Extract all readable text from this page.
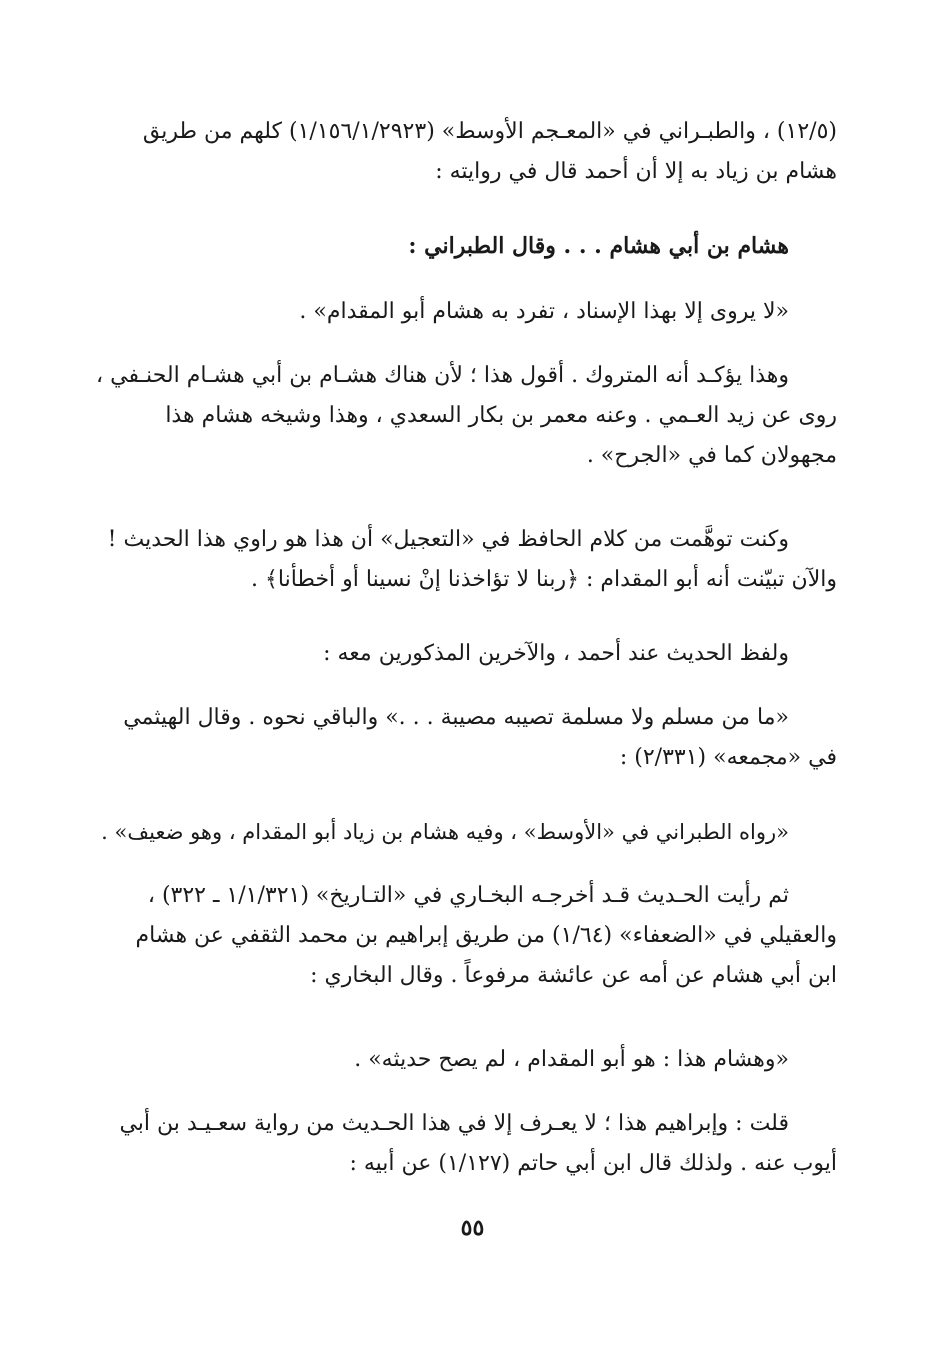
(١٢/٥) ، والطبـراني في «المعـجم الأوسط» (١/١٥٦/١/٢٩٢٣) كلهم من طريق
هشام بن زياد به إلا أن أحمد قال في روايته :
هشام بن أبي هشام . . . وقال الطبراني :
«لا يروى إلا بهذا الإسناد ، تفرد به هشام أبو المقدام» .
وهذا يؤكـد أنه المتروك . أقول هذا ؛ لأن هناك هشـام بن أبي هشـام الحنـفي ،
روى عن زيد العـمي . وعنه معمر بن بكار السعدي ، وهذا وشيخه هشام هذا
مجهولان كما في «الجرح» .
وكنت توهَّمت من كلام الحافظ في «التعجيل» أن هذا هو راوي هذا الحديث !
والآن تبيّنت أنه أبو المقدام : ﴿ربنا لا تؤاخذنا إنْ نسينا أو أخطأنا﴾ .
ولفظ الحديث عند أحمد ، والآخرين المذكورين معه :
«ما من مسلم ولا مسلمة تصيبه مصيبة . . .» والباقي نحوه . وقال الهيثمي
في «مجمعه» (٢/٣٣١) :
«رواه الطبراني في «الأوسط» ، وفيه هشام بن زياد أبو المقدام ، وهو ضعيف» .
ثم رأيت الحـديث قـد أخرجـه البخـاري في «التـاريخ» (١/١/٣٢١ ـ ٣٢٢) ،
والعقيلي في «الضعفاء» (١/٦٤) من طريق إبراهيم بن محمد الثقفي عن هشام
ابن أبي هشام عن أمه عن عائشة مرفوعاً . وقال البخاري :
«وهشام هذا : هو أبو المقدام ، لم يصح حديثه» .
قلت : وإبراهيم هذا ؛ لا يعـرف إلا في هذا الحـديث من رواية سعـيـد بن أبي
أيوب عنه . ولذلك قال ابن أبي حاتم (١/١٢٧) عن أبيه :
٥٥
